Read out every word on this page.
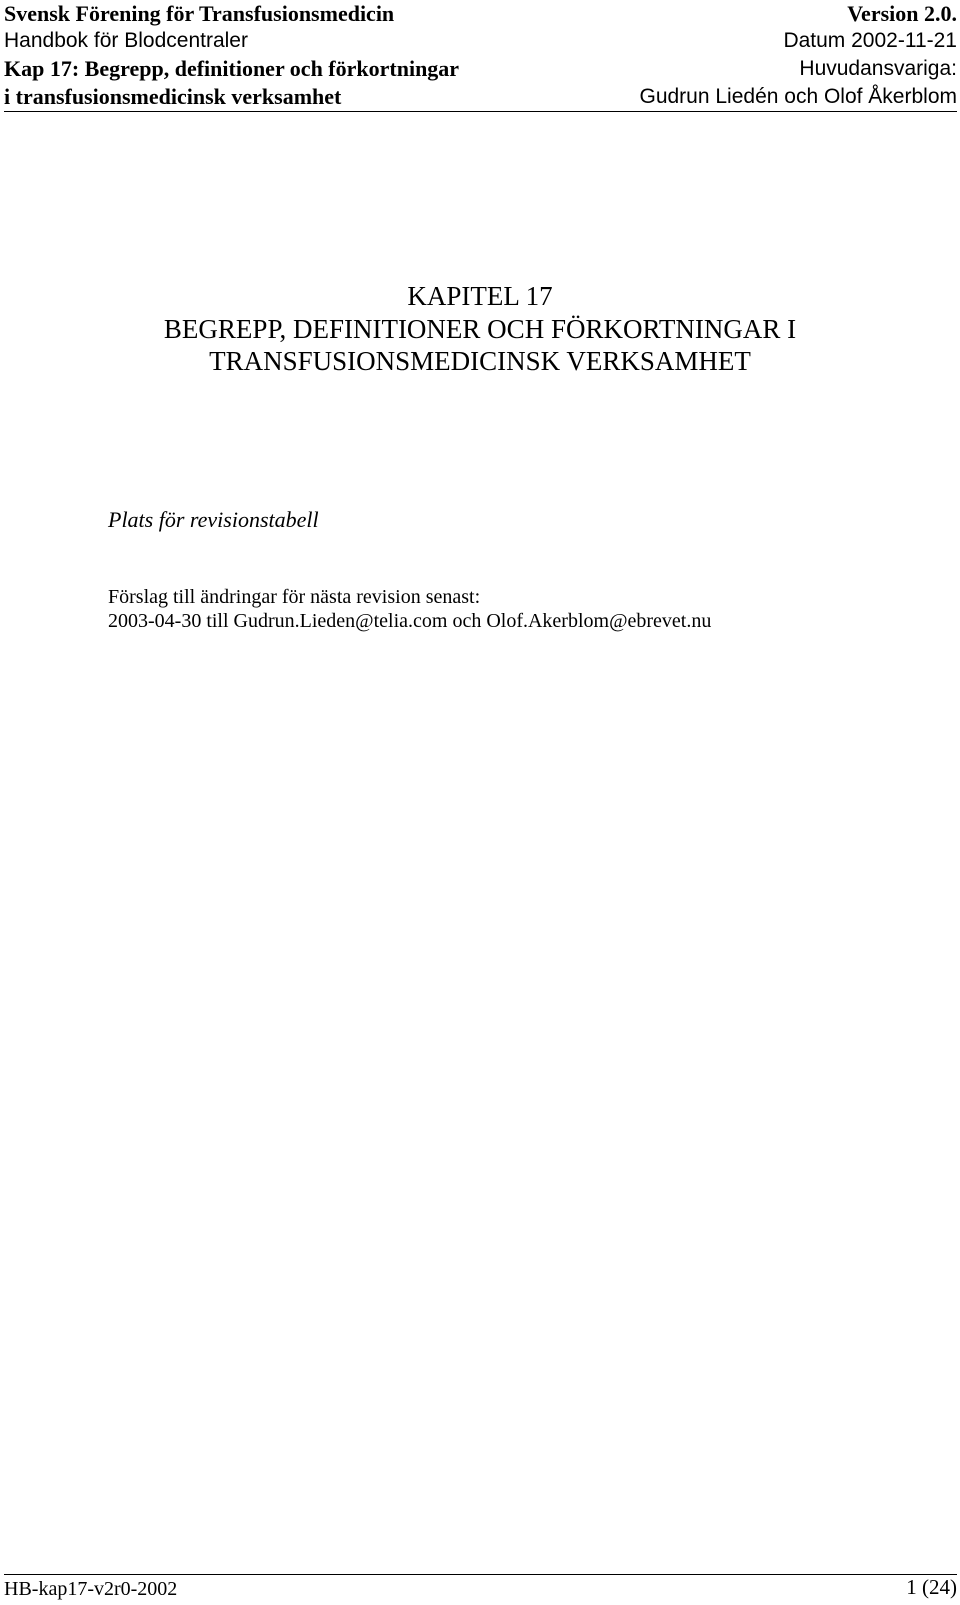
Svensk Förening för Transfusionsmedicin	Version 2.0.
Handbok för Blodcentraler	Datum 2002-11-21
Kap 17: Begrepp, definitioner och förkortningar	Huvudansvariga:
i transfusionsmedicinsk verksamhet	Gudrun Liedén och Olof Åkerblom
KAPITEL 17
BEGREPP, DEFINITIONER OCH FÖRKORTNINGAR I
TRANSFUSIONSMEDICINSK VERKSAMHET
Plats för revisionstabell
Förslag till ändringar för nästa revision senast:
2003-04-30 till Gudrun.Lieden@telia.com och Olof.Akerblom@ebrevet.nu
HB-kap17-v2r0-2002	1 (24)
